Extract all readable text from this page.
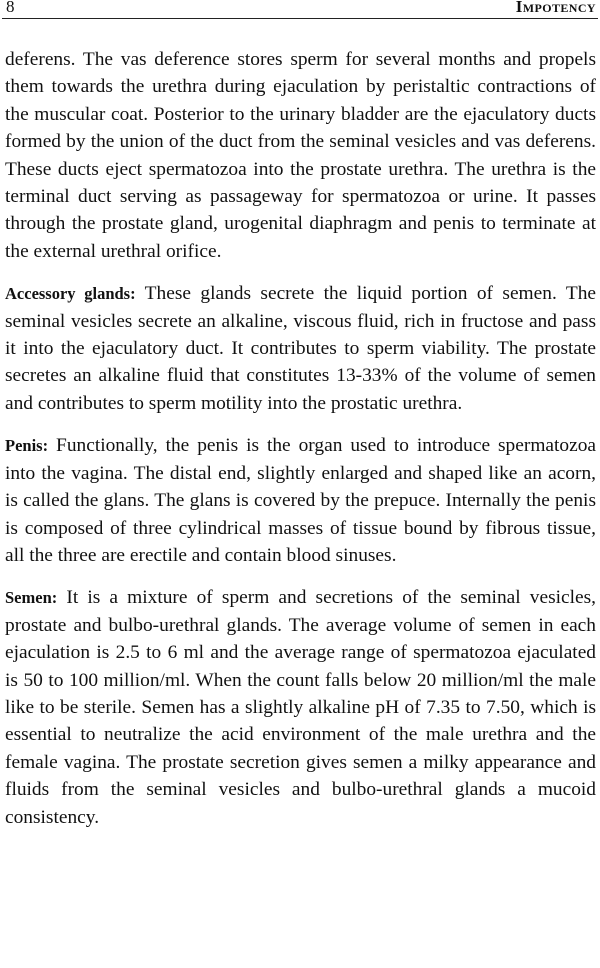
8	Impotency

deferens. The vas deference stores sperm for several months and propels them towards the urethra during ejaculation by peristaltic contractions of the muscular coat. Posterior to the urinary bladder are the ejaculatory ducts formed by the union of the duct from the seminal vesicles and vas deferens. These ducts eject spermatozoa into the prostate urethra. The urethra is the terminal duct serving as passageway for spermatozoa or urine. It passes through the prostate gland, urogenital diaphragm and penis to terminate at the external urethral orifice.

Accessory glands: These glands secrete the liquid portion of semen. The seminal vesicles secrete an alkaline, viscous fluid, rich in fructose and pass it into the ejaculatory duct. It contributes to sperm viability. The prostate secretes an alkaline fluid that constitutes 13-33% of the volume of semen and contributes to sperm motility into the prostatic urethra.

Penis: Functionally, the penis is the organ used to introduce spermatozoa into the vagina. The distal end, slightly enlarged and shaped like an acorn, is called the glans. The glans is covered by the prepuce. Internally the penis is composed of three cylindrical masses of tissue bound by fibrous tissue, all the three are erectile and contain blood sinuses.

Semen: It is a mixture of sperm and secretions of the seminal vesicles, prostate and bulbo-urethral glands. The average volume of semen in each ejaculation is 2.5 to 6 ml and the average range of spermatozoa ejaculated is 50 to 100 million/ml. When the count falls below 20 million/ml the male like to be sterile. Semen has a slightly alkaline pH of 7.35 to 7.50, which is essential to neutralize the acid environment of the male urethra and the female vagina. The prostate secretion gives semen a milky appearance and fluids from the seminal vesicles and bulbo-urethral glands a mucoid consistency.
